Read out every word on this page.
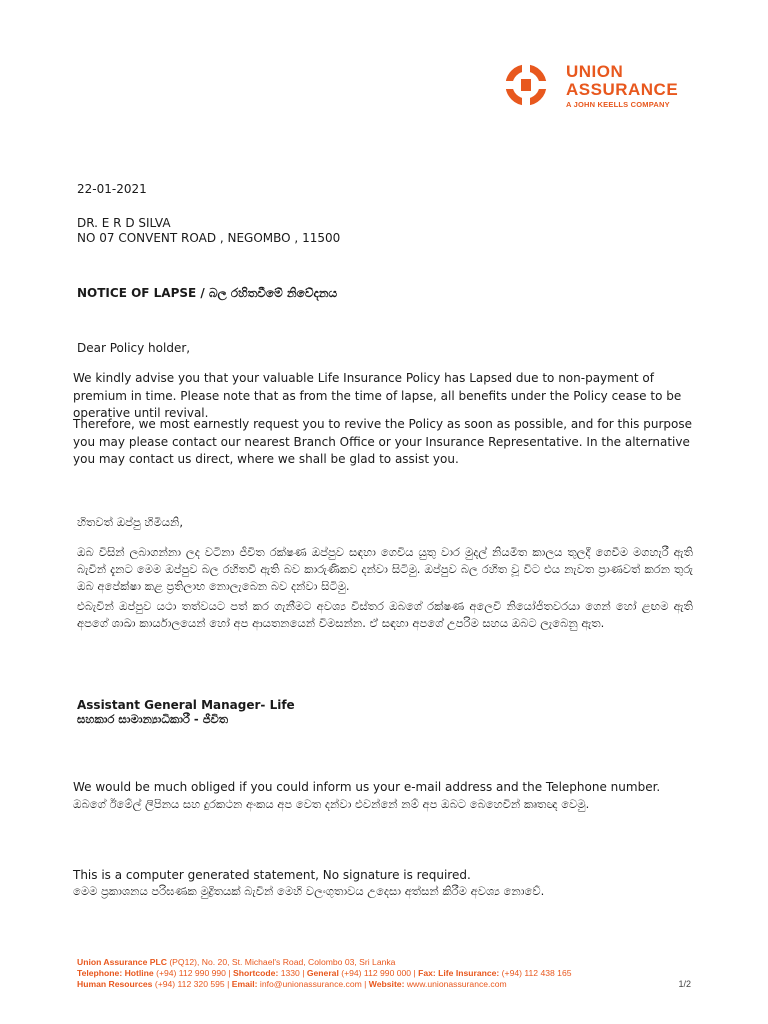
UNION
ASSURANCE
A JOHN KEELLS COMPANY
22-01-2021
DR. E R D SILVA
NO 07 CONVENT ROAD , NEGOMBO , 11500
NOTICE OF LAPSE / බල රහිතවීමේ නිවේදනය
Dear Policy holder,
We kindly advise you that your valuable Life Insurance Policy has Lapsed due to non-payment of premium in time. Please note that as from the time of lapse, all benefits under the Policy cease to be operative until revival.
Therefore, we most earnestly request you to revive the Policy as soon as possible, and for this purpose you may please contact our nearest Branch Office or your Insurance Representative. In the alternative you may contact us direct, where we shall be glad to assist you.
හිතවත් ඔප්පු හිමියනි,
ඔබ විසින් ලබාගන්නා ලද වටිනා ජීවිත රක්ෂණ ඔප්පුව සඳහා ගෙවිය යුතු වාර මුදල් නියමිත කාලය තුලදී ගෙවීම මගහැරී ඇති බැවින් දැනට මෙම ඔප්පුව බල රහිතවී ඇති බව කාරුණිකව දන්වා සිටිමු. ඔප්පුව බල රහිත වූ විට එය නැවත ප්‍රාණවත් කරන තුරු ඔබ අපේක්ෂා කළ ප්‍රතිලාභ නොලැබෙන බව දන්වා සිටිමු.
එබැවින් ඔප්පුව යථා තත්වයට පත් කර ගැනීමට අවශ්‍ය විස්තර ඔබගේ රක්ෂණ අලෙවි නියෝජිතවරයා ගෙන් හෝ ළඟම ඇති අපගේ ශාඛා කාර්යාලයෙන් හෝ අප ආයතනයෙන් විමසන්න. ඒ සඳහා අපගේ උපරිම සහය ඔබට ලැබෙනු ඇත.
Assistant General Manager- Life
සහකාර සාමාන්‍යාධිකාරී - ජීවිත
We would be much obliged if you could inform us your e-mail address and the Telephone number.
ඔබගේ ඊමේල් ලිපිනය සහ දුරකථන අංකය අප වෙත දන්වා එවන්නේ නම් අප ඔබට බෙහෙවින් කෘතඥ වෙමු.
This is a computer generated statement, No signature is required.
මෙම ප්‍රකාශනය පරිඝණක මුද්‍රිතයක් බැවින් මෙහි වලංගුතාවය උදෙසා අත්සන් කිරීම අවශ්‍ය නොවේ.
Union Assurance PLC (PQ12), No. 20, St. Michael's Road, Colombo 03, Sri Lanka
Telephone: Hotline (+94) 112 990 990 | Shortcode: 1330 | General (+94) 112 990 000 | Fax: Life Insurance: (+94) 112 438 165
Human Resources (+94) 112 320 595 | Email: info@unionassurance.com | Website: www.unionassurance.com	1/2
